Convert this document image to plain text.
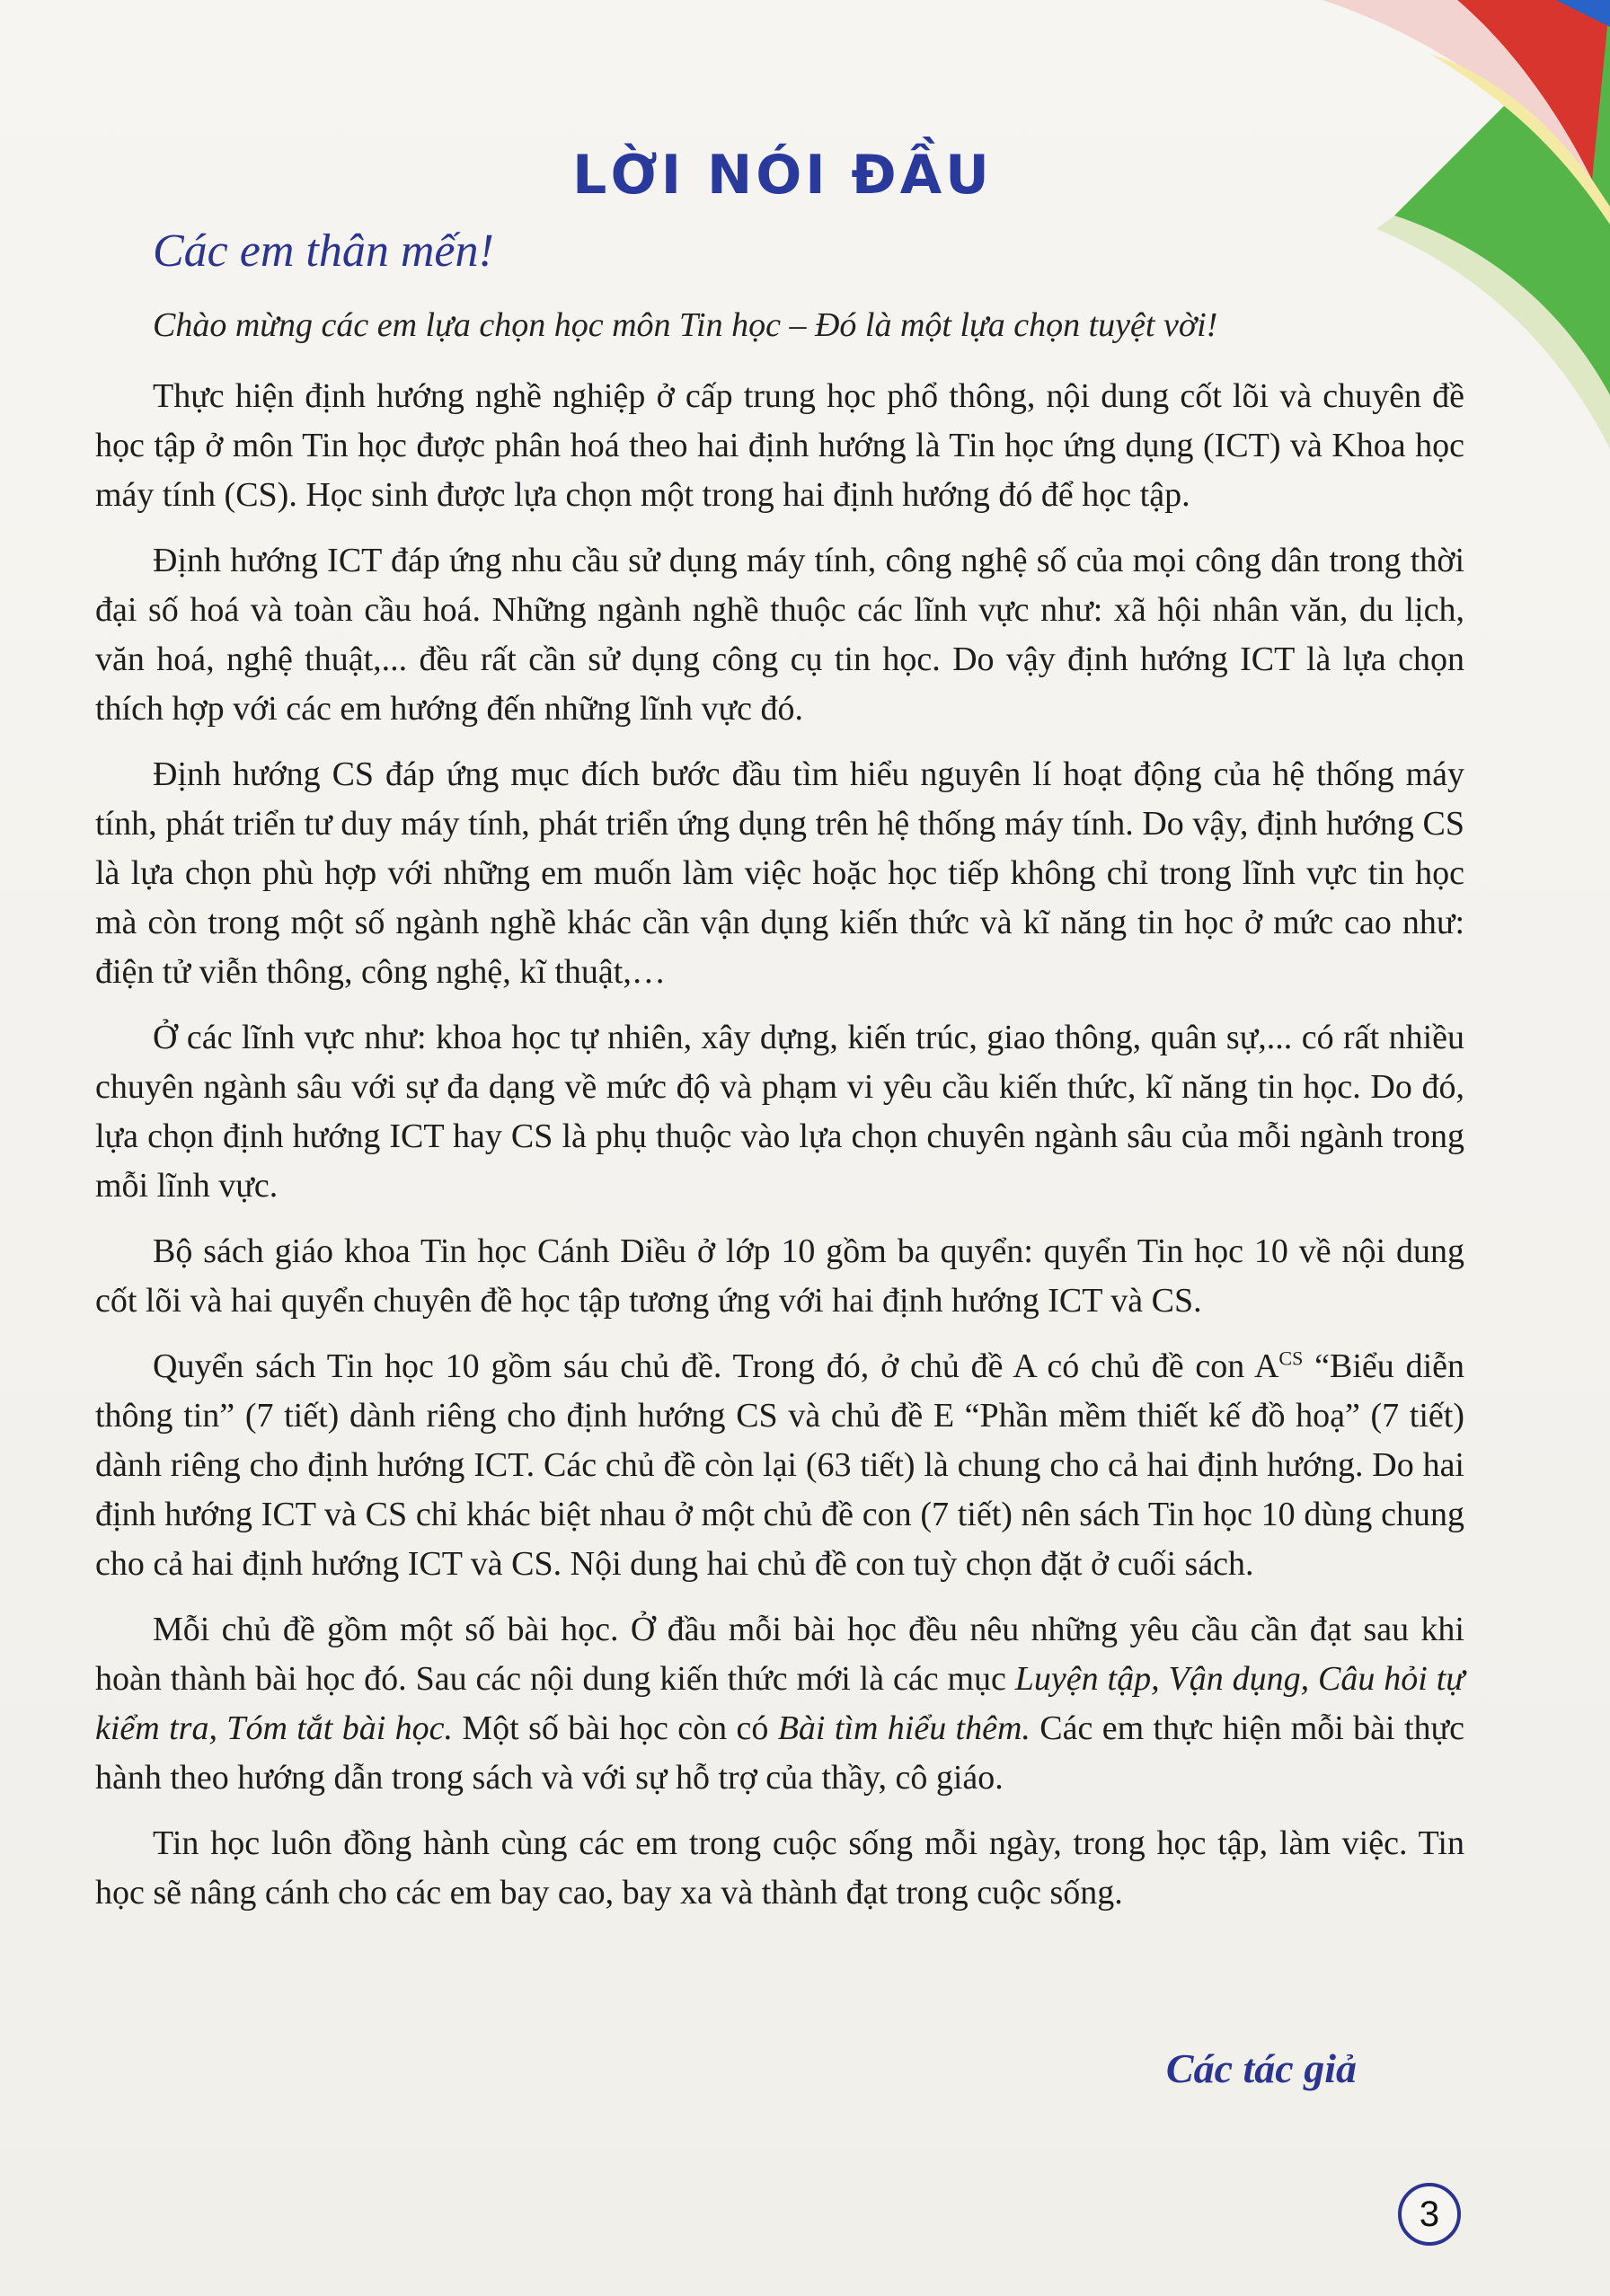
LỜI NÓI ĐẦU
Các em thân mến!
Chào mừng các em lựa chọn học môn Tin học – Đó là một lựa chọn tuyệt vời!

Thực hiện định hướng nghề nghiệp ở cấp trung học phổ thông, nội dung cốt lõi và chuyên đề học tập ở môn Tin học được phân hoá theo hai định hướng là Tin học ứng dụng (ICT) và Khoa học máy tính (CS). Học sinh được lựa chọn một trong hai định hướng đó để học tập.

Định hướng ICT đáp ứng nhu cầu sử dụng máy tính, công nghệ số của mọi công dân trong thời đại số hoá và toàn cầu hoá. Những ngành nghề thuộc các lĩnh vực như: xã hội nhân văn, du lịch, văn hoá, nghệ thuật,... đều rất cần sử dụng công cụ tin học. Do vậy định hướng ICT là lựa chọn thích hợp với các em hướng đến những lĩnh vực đó.

Định hướng CS đáp ứng mục đích bước đầu tìm hiểu nguyên lí hoạt động của hệ thống máy tính, phát triển tư duy máy tính, phát triển ứng dụng trên hệ thống máy tính. Do vậy, định hướng CS là lựa chọn phù hợp với những em muốn làm việc hoặc học tiếp không chỉ trong lĩnh vực tin học mà còn trong một số ngành nghề khác cần vận dụng kiến thức và kĩ năng tin học ở mức cao như: điện tử viễn thông, công nghệ, kĩ thuật,…

Ở các lĩnh vực như: khoa học tự nhiên, xây dựng, kiến trúc, giao thông, quân sự,... có rất nhiều chuyên ngành sâu với sự đa dạng về mức độ và phạm vi yêu cầu kiến thức, kĩ năng tin học. Do đó, lựa chọn định hướng ICT hay CS là phụ thuộc vào lựa chọn chuyên ngành sâu của mỗi ngành trong mỗi lĩnh vực.

Bộ sách giáo khoa Tin học Cánh Diều ở lớp 10 gồm ba quyển: quyển Tin học 10 về nội dung cốt lõi và hai quyển chuyên đề học tập tương ứng với hai định hướng ICT và CS.

Quyển sách Tin học 10 gồm sáu chủ đề. Trong đó, ở chủ đề A có chủ đề con $A^{CS}$ “Biểu diễn thông tin” (7 tiết) dành riêng cho định hướng CS và chủ đề E “Phần mềm thiết kế đồ hoạ” (7 tiết) dành riêng cho định hướng ICT. Các chủ đề còn lại (63 tiết) là chung cho cả hai định hướng. Do hai định hướng ICT và CS chỉ khác biệt nhau ở một chủ đề con (7 tiết) nên sách Tin học 10 dùng chung cho cả hai định hướng ICT và CS. Nội dung hai chủ đề con tuỳ chọn đặt ở cuối sách.

Mỗi chủ đề gồm một số bài học. Ở đầu mỗi bài học đều nêu những yêu cầu cần đạt sau khi hoàn thành bài học đó. Sau các nội dung kiến thức mới là các mục Luyện tập, Vận dụng, Câu hỏi tự kiểm tra, Tóm tắt bài học. Một số bài học còn có Bài tìm hiểu thêm. Các em thực hiện mỗi bài thực hành theo hướng dẫn trong sách và với sự hỗ trợ của thầy, cô giáo.

Tin học luôn đồng hành cùng các em trong cuộc sống mỗi ngày, trong học tập, làm việc. Tin học sẽ nâng cánh cho các em bay cao, bay xa và thành đạt trong cuộc sống.

Các tác giả
3
